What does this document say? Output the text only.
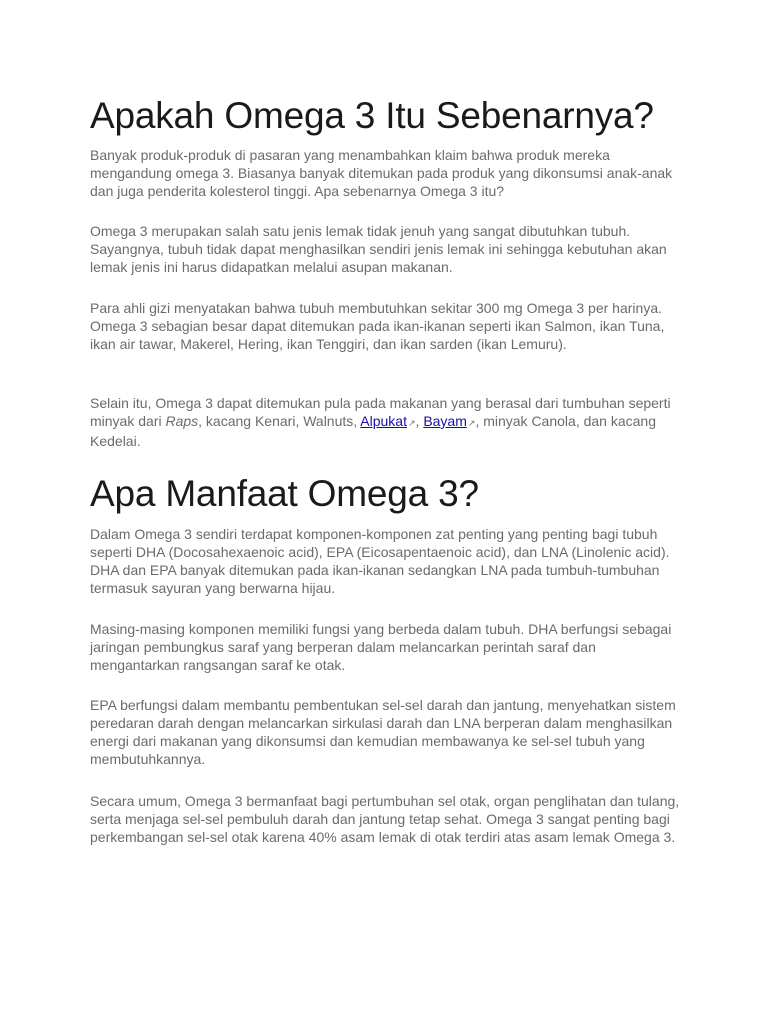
Apakah Omega 3 Itu Sebenarnya?

Banyak produk-produk di pasaran yang menambahkan klaim bahwa produk mereka mengandung omega 3. Biasanya banyak ditemukan pada produk yang dikonsumsi anak-anak dan juga penderita kolesterol tinggi. Apa sebenarnya Omega 3 itu?

Omega 3 merupakan salah satu jenis lemak tidak jenuh yang sangat dibutuhkan tubuh. Sayangnya, tubuh tidak dapat menghasilkan sendiri jenis lemak ini sehingga kebutuhan akan lemak jenis ini harus didapatkan melalui asupan makanan.

Para ahli gizi menyatakan bahwa tubuh membutuhkan sekitar 300 mg Omega 3 per harinya. Omega 3 sebagian besar dapat ditemukan pada ikan-ikanan seperti ikan Salmon, ikan Tuna, ikan air tawar, Makerel, Hering, ikan Tenggiri, dan ikan sarden (ikan Lemuru).

Selain itu, Omega 3 dapat ditemukan pula pada makanan yang berasal dari tumbuhan seperti minyak dari Raps, kacang Kenari, Walnuts, Alpukat↗, Bayam↗, minyak Canola, dan kacang Kedelai.

Apa Manfaat Omega 3?

Dalam Omega 3 sendiri terdapat komponen-komponen zat penting yang penting bagi tubuh seperti DHA (Docosahexaenoic acid), EPA (Eicosapentaenoic acid), dan LNA (Linolenic acid). DHA dan EPA banyak ditemukan pada ikan-ikanan sedangkan LNA pada tumbuh-tumbuhan termasuk sayuran yang berwarna hijau.

Masing-masing komponen memiliki fungsi yang berbeda dalam tubuh. DHA berfungsi sebagai jaringan pembungkus saraf yang berperan dalam melancarkan perintah saraf dan mengantarkan rangsangan saraf ke otak.

EPA berfungsi dalam membantu pembentukan sel-sel darah dan jantung, menyehatkan sistem peredaran darah dengan melancarkan sirkulasi darah dan LNA berperan dalam menghasilkan energi dari makanan yang dikonsumsi dan kemudian membawanya ke sel-sel tubuh yang membutuhkannya.

Secara umum, Omega 3 bermanfaat bagi pertumbuhan sel otak, organ penglihatan dan tulang, serta menjaga sel-sel pembuluh darah dan jantung tetap sehat. Omega 3 sangat penting bagi perkembangan sel-sel otak karena 40% asam lemak di otak terdiri atas asam lemak Omega 3.
